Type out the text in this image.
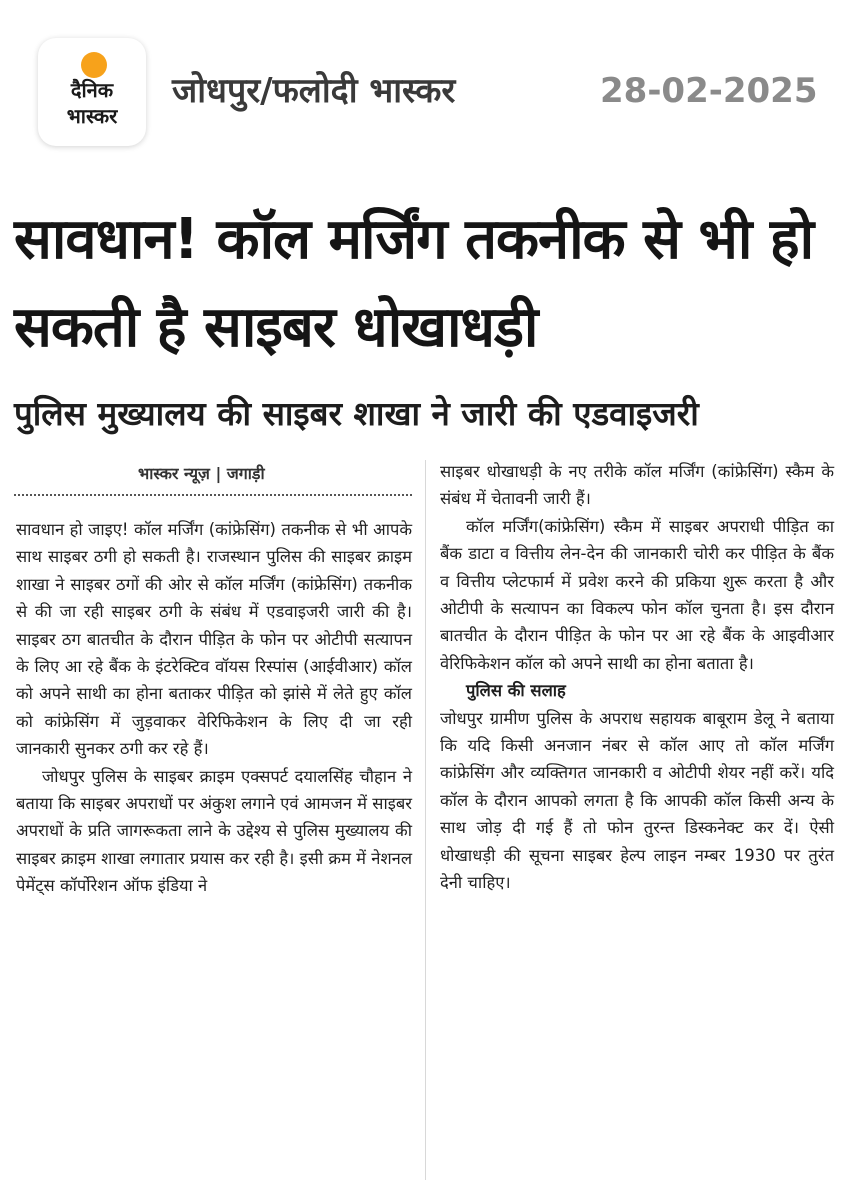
दैनिक
भास्कर
जोधपुर/फलोदी भास्कर	28-02-2025
सावधान! कॉल मर्जिंग तकनीक से भी हो सकती है साइबर धोखाधड़ी
पुलिस मुख्यालय की साइबर शाखा ने जारी की एडवाइजरी
भास्कर न्यूज़ | जगाड़ी

सावधान हो जाइए! कॉल मर्जिंग (कांफ्रेसिंग) तकनीक से भी आपके साथ साइबर ठगी हो सकती है। राजस्थान पुलिस की साइबर क्राइम शाखा ने साइबर ठगों की ओर से कॉल मर्जिंग (कांफ्रेसिंग) तकनीक से की जा रही साइबर ठगी के संबंध में एडवाइजरी जारी की है। साइबर ठग बातचीत के दौरान पीड़ित के फोन पर ओटीपी सत्यापन के लिए आ रहे बैंक के इंटरेक्टिव वॉयस रिस्पांस (आईवीआर) कॉल को अपने साथी का होना बताकर पीड़ित को झांसे में लेते हुए कॉल को कांफ्रेसिंग में जुड़वाकर वेरिफिकेशन के लिए दी जा रही जानकारी सुनकर ठगी कर रहे हैं।

जोधपुर पुलिस के साइबर क्राइम एक्सपर्ट दयालसिंह चौहान ने बताया कि साइबर अपराधों पर अंकुश लगाने एवं आमजन में साइबर अपराधों के प्रति जागरूकता लाने के उद्देश्य से पुलिस मुख्यालय की साइबर क्राइम शाखा लगातार प्रयास कर रही है। इसी क्रम में नेशनल पेमेंट्स कॉर्पोरेशन ऑफ इंडिया ने

साइबर धोखाधड़ी के नए तरीके कॉल मर्जिंग (कांफ्रेसिंग) स्कैम के संबंध में चेतावनी जारी हैं।

कॉल मर्जिंग(कांफ्रेसिंग) स्कैम में साइबर अपराधी पीड़ित का बैंक डाटा व वित्तीय लेन-देन की जानकारी चोरी कर पीड़ित के बैंक व वित्तीय प्लेटफार्म में प्रवेश करने की प्रकिया शुरू करता है और ओटीपी के सत्यापन का विकल्प फोन कॉल चुनता है। इस दौरान बातचीत के दौरान पीड़ित के फोन पर आ रहे बैंक के आइवीआर वेरिफिकेशन कॉल को अपने साथी का होना बताता है।

पुलिस की सलाह

जोधपुर ग्रामीण पुलिस के अपराध सहायक बाबूराम डेलू ने बताया कि यदि किसी अनजान नंबर से कॉल आए तो कॉल मर्जिंग कांफ्रेसिंग और व्यक्तिगत जानकारी व ओटीपी शेयर नहीं करें। यदि कॉल के दौरान आपको लगता है कि आपकी कॉल किसी अन्य के साथ जोड़ दी गई हैं तो फोन तुरन्त डिस्कनेक्ट कर दें। ऐसी धोखाधड़ी की सूचना साइबर हेल्प लाइन नम्बर 1930 पर तुरंत देनी चाहिए।
